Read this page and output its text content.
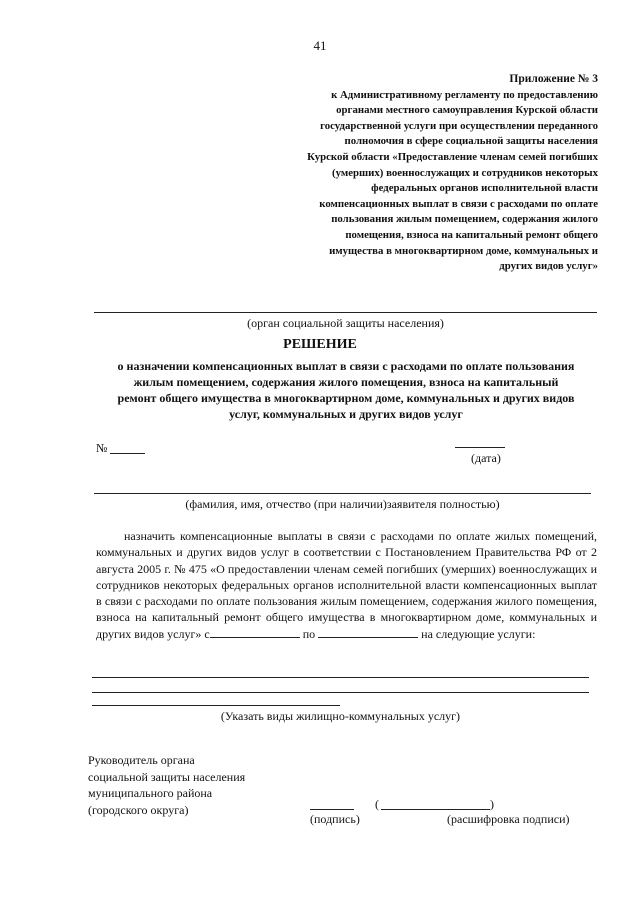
41
Приложение № 3
к Административному регламенту по предоставлению
органами местного самоуправления Курской области
государственной услуги при осуществлении переданного
полномочия в сфере социальной защиты населения
Курской области «Предоставление членам семей погибших
(умерших) военнослужащих и сотрудников некоторых
федеральных органов исполнительной власти
компенсационных выплат в связи с расходами по оплате
пользования жилым помещением, содержания жилого
помещения, взноса на капитальный ремонт общего
имущества в многоквартирном доме, коммунальных и
других видов услуг»
(орган социальной защиты населения)
РЕШЕНИЕ
о назначении компенсационных выплат в связи с расходами по оплате пользования
жилым помещением, содержания жилого помещения, взноса на капитальный
ремонт общего имущества в многоквартирном доме, коммунальных и других видов
услуг, коммунальных и других видов услуг
№
(дата)
(фамилия, имя, отчество (при наличии)заявителя полностью)

назначить компенсационные выплаты в связи с расходами по оплате жилых помещений, коммунальных и других видов услуг в соответствии с Постановлением Правительства РФ от 2 августа 2005 г. № 475 «О предоставлении членам семей погибших (умерших) военнослужащих и сотрудников некоторых федеральных органов исполнительной власти компенсационных выплат в связи с расходами по оплате пользования жилым помещением, содержания жилого помещения, взноса на капитальный ремонт общего имущества в многоквартирном доме, коммунальных и других видов услуг» с	по	на следующие услуги:

(Указать виды жилищно-коммунальных услуг)
Руководитель органа
социальной защиты населения
муниципального района
(городского округа)	(	)
(подпись)	(расшифровка подписи)
